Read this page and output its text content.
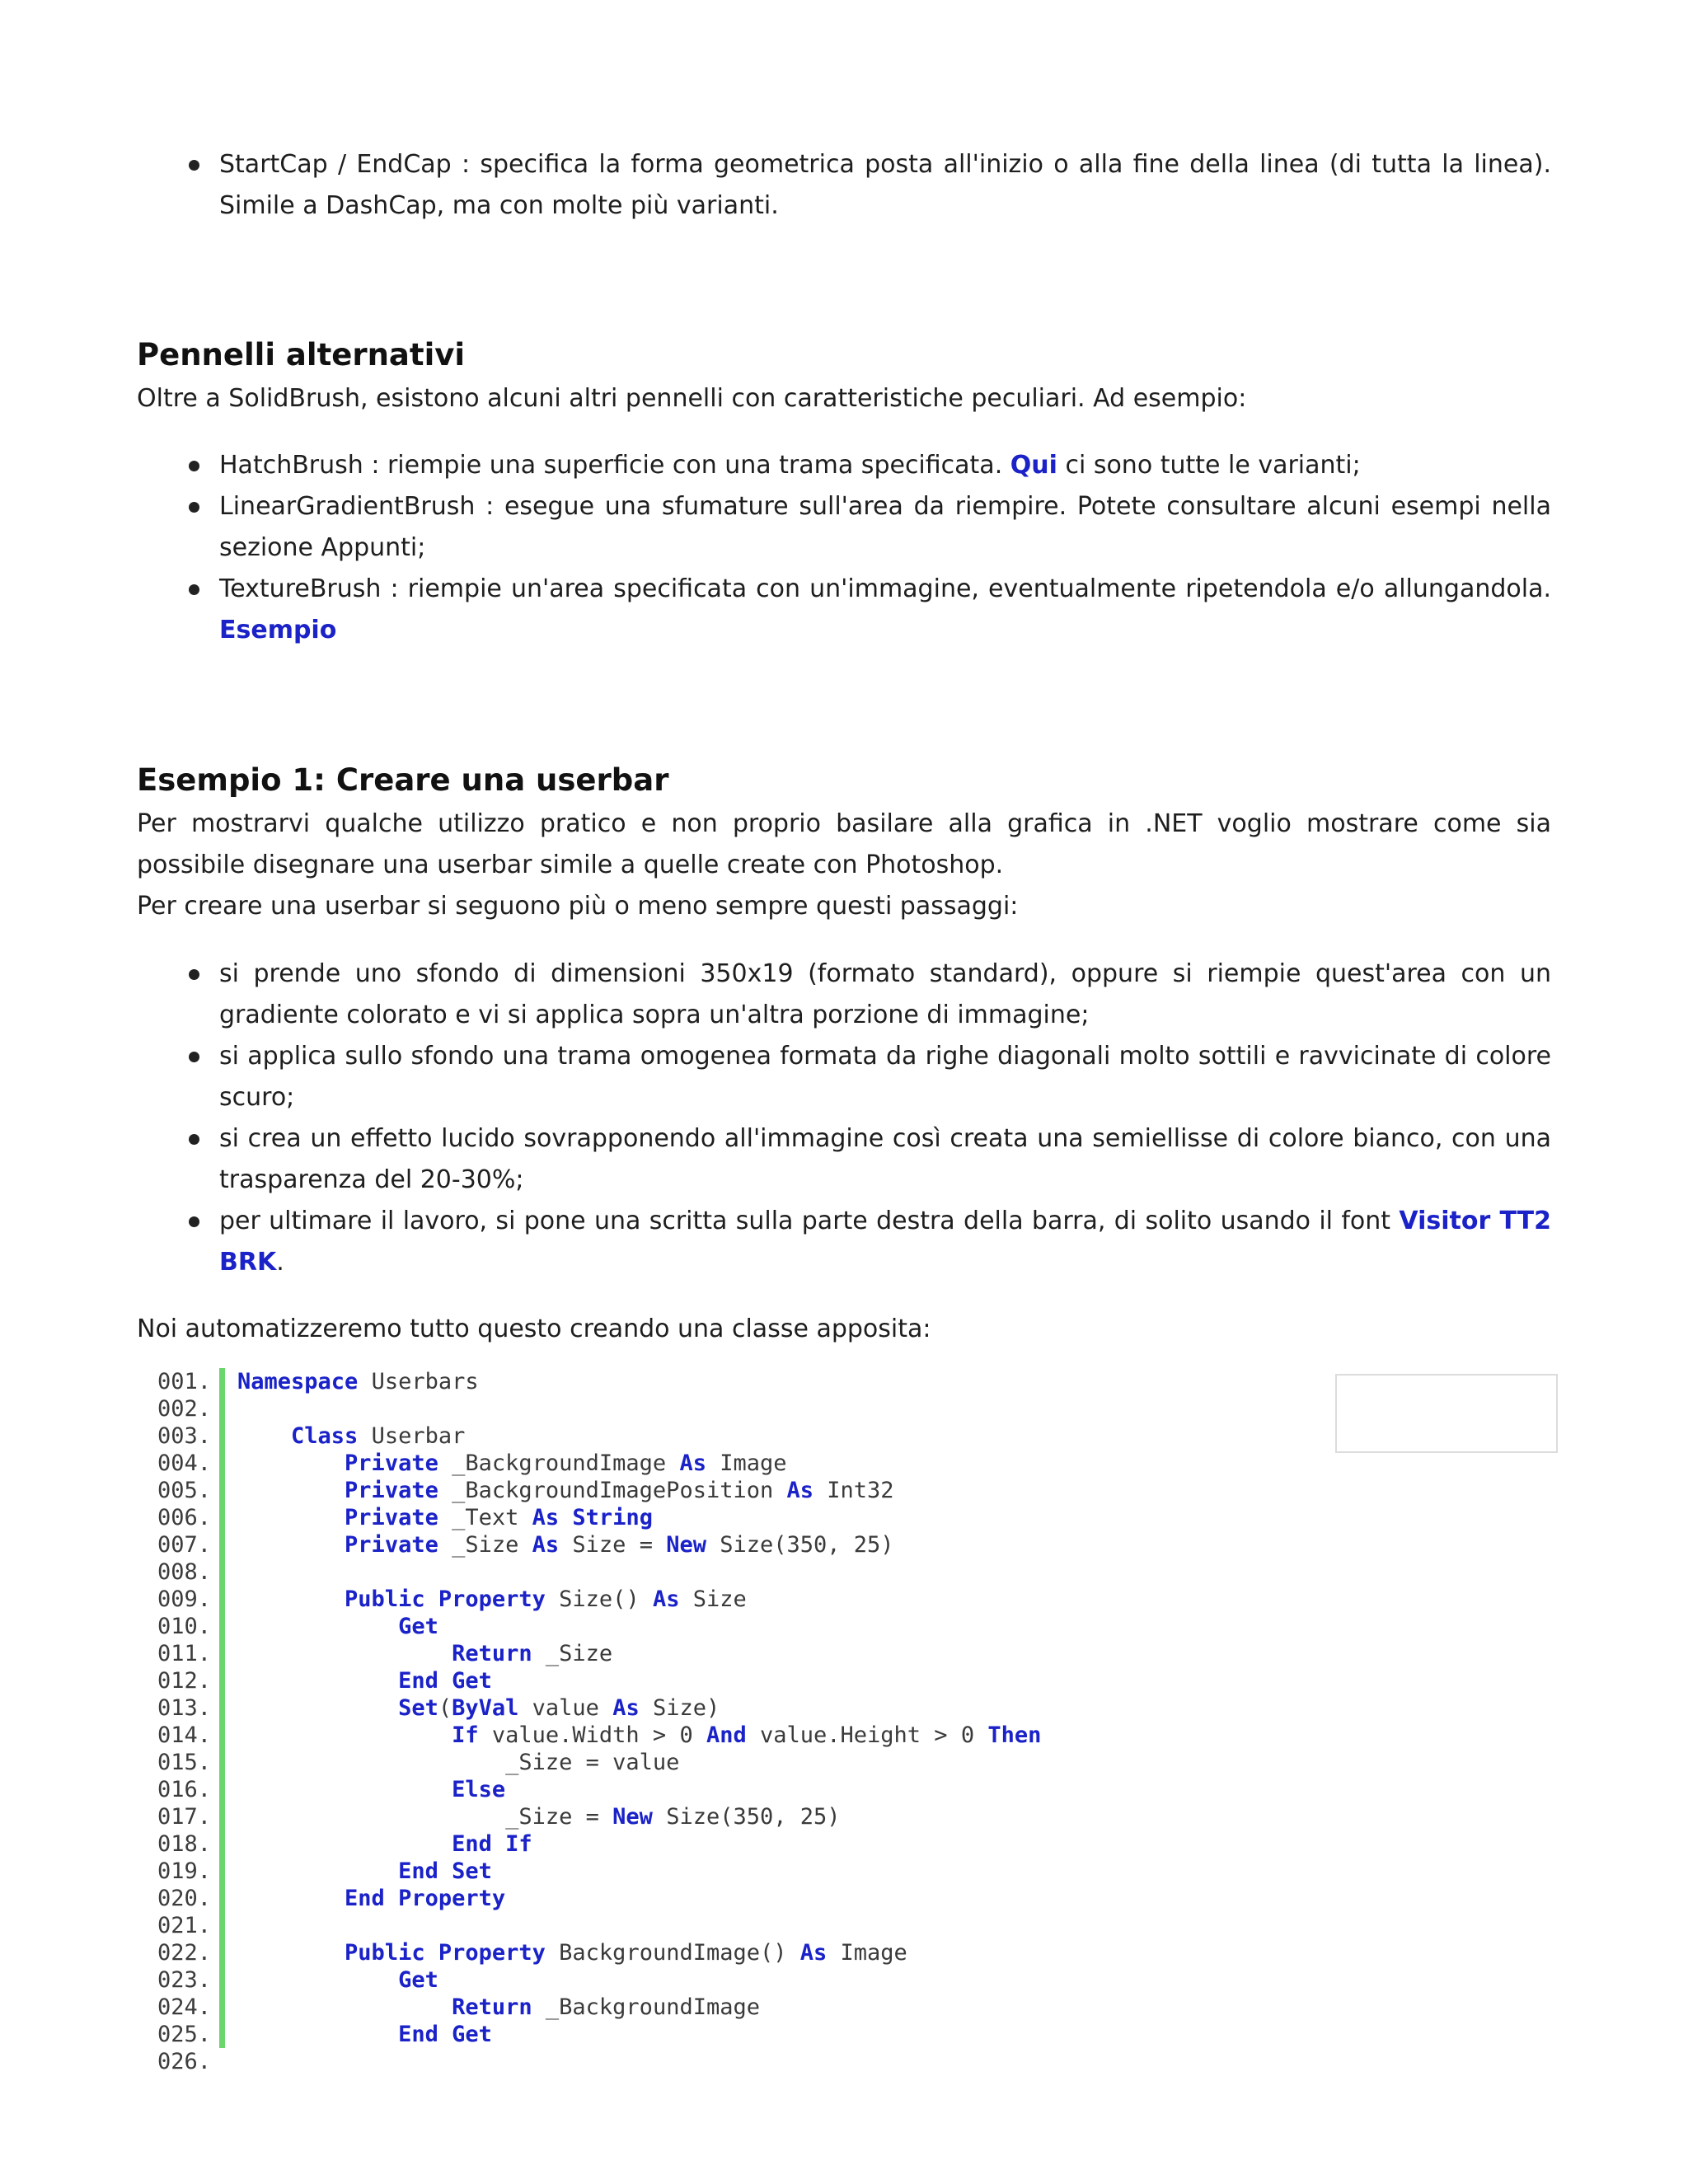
StartCap / EndCap : specifica la forma geometrica posta all'inizio o alla fine della linea (di tutta la linea). Simile a DashCap, ma con molte più varianti.
Pennelli alternativi

Oltre a SolidBrush, esistono alcuni altri pennelli con caratteristiche peculiari. Ad esempio:

HatchBrush : riempie una superficie con una trama specificata. Qui ci sono tutte le varianti;
LinearGradientBrush : esegue una sfumature sull'area da riempire. Potete consultare alcuni esempi nella sezione Appunti;
TextureBrush : riempie un'area specificata con un'immagine, eventualmente ripetendola e/o allungandola. Esempio
Esempio 1: Creare una userbar

Per mostrarvi qualche utilizzo pratico e non proprio basilare alla grafica in .NET voglio mostrare come sia possibile disegnare una userbar simile a quelle create con Photoshop.

Per creare una userbar si seguono più o meno sempre questi passaggi:

si prende uno sfondo di dimensioni 350x19 (formato standard), oppure si riempie quest'area con un gradiente colorato e vi si applica sopra un'altra porzione di immagine;
si applica sullo sfondo una trama omogenea formata da righe diagonali molto sottili e ravvicinate di colore scuro;
si crea un effetto lucido sovrapponendo all'immagine così creata una semiellisse di colore bianco, con una trasparenza del 20-30%;
per ultimare il lavoro, si pone una scritta sulla parte destra della barra, di solito usando il font Visitor TT2 BRK.

Noi automatizzeremo tutto questo creando una classe apposita:

001. Namespace Userbars
002.
003.	Class Userbar
004.	Private _BackgroundImage As Image
005.	Private _BackgroundImagePosition As Int32
006.	Private _Text As String
007.	Private _Size As Size = New Size(350, 25)
008.
009.	Public Property Size() As Size
010.	Get
011.	Return _Size
012.	End Get
013.	Set(ByVal value As Size)
014.	If value.Width > 0 And value.Height > 0 Then
015. _Size = value
016.	Else
017. _Size = New Size(350, 25)
018.	End If
019.	End Set
020.	End Property
021.
022.	Public Property BackgroundImage() As Image
023.	Get
024.	Return _BackgroundImage
025.	End Get
026.
